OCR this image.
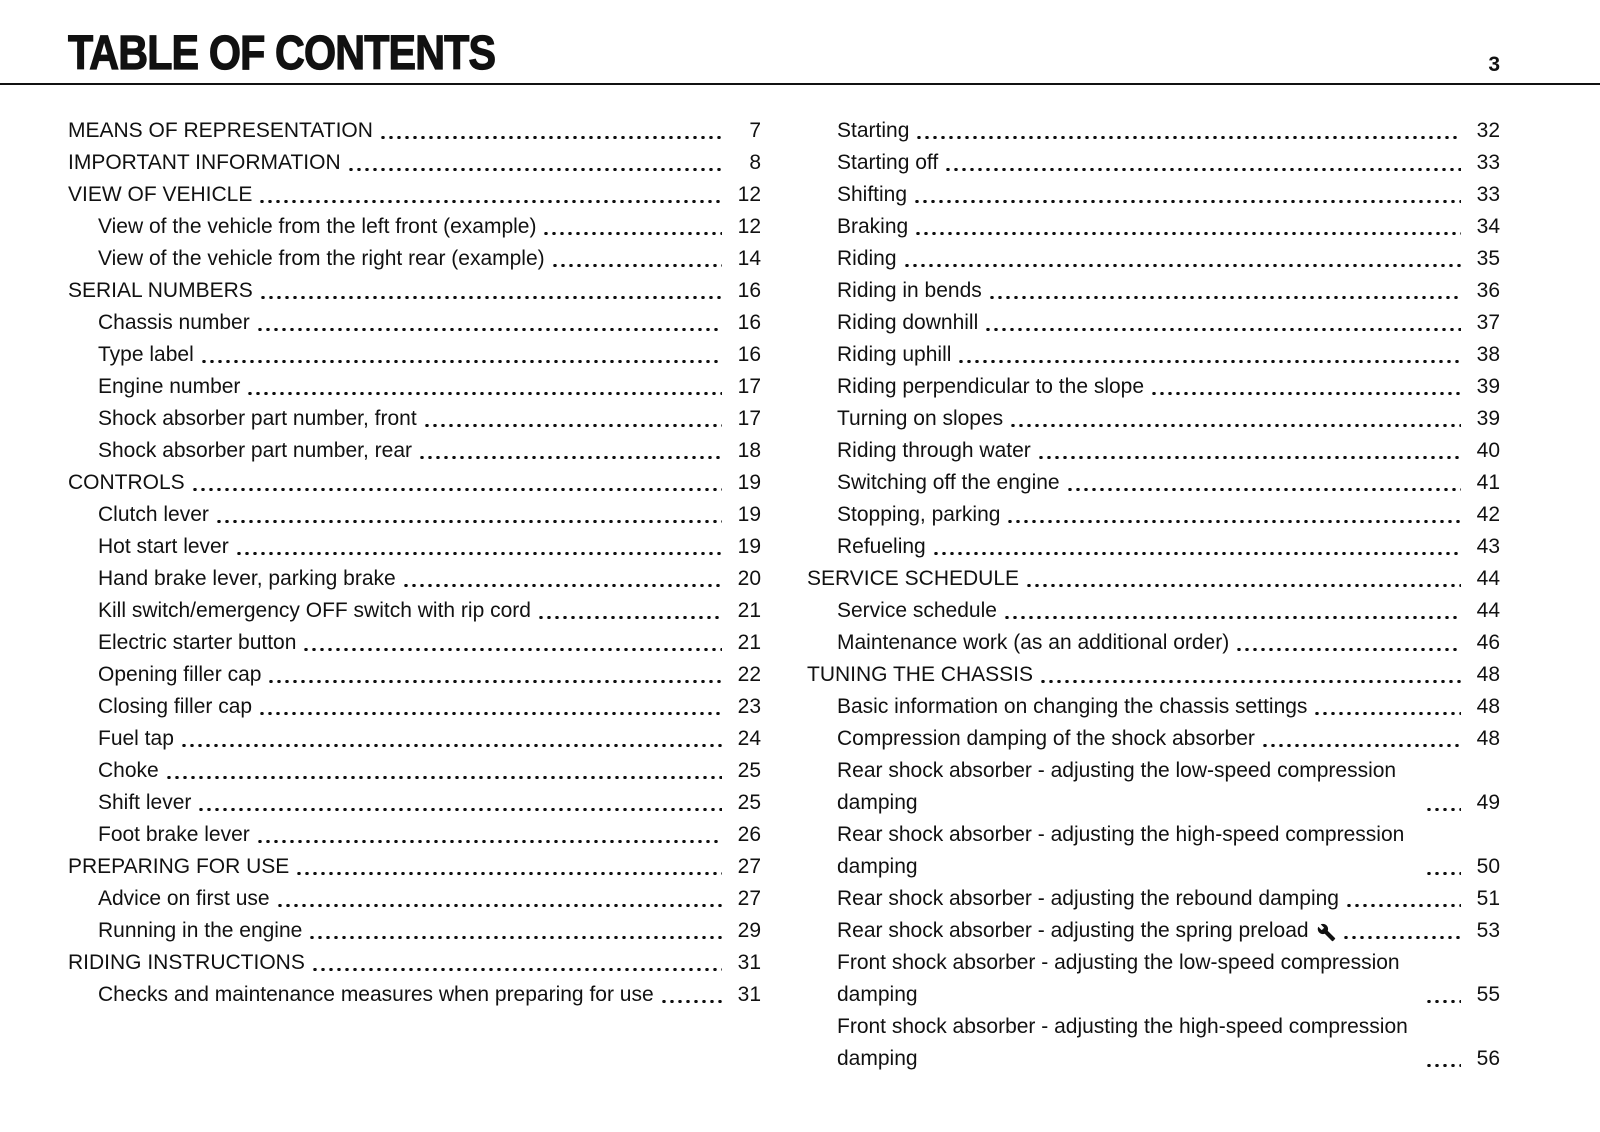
TABLE OF CONTENTS	3
MEANS OF REPRESENTATION	7
IMPORTANT INFORMATION	8
VIEW OF VEHICLE	12
View of the vehicle from the left front (example)	12
View of the vehicle from the right rear (example)	14
SERIAL NUMBERS	16
Chassis number	16
Type label	16
Engine number	17
Shock absorber part number, front	17
Shock absorber part number, rear	18
CONTROLS	19
Clutch lever	19
Hot start lever	19
Hand brake lever, parking brake	20
Kill switch/emergency OFF switch with rip cord	21
Electric starter button	21
Opening filler cap	22
Closing filler cap	23
Fuel tap	24
Choke	25
Shift lever	25
Foot brake lever	26
PREPARING FOR USE	27
Advice on first use	27
Running in the engine	29
RIDING INSTRUCTIONS	31
Checks and maintenance measures when preparing for use	31
Starting	32
Starting off	33
Shifting	33
Braking	34
Riding	35
Riding in bends	36
Riding downhill	37
Riding uphill	38
Riding perpendicular to the slope	39
Turning on slopes	39
Riding through water	40
Switching off the engine	41
Stopping, parking	42
Refueling	43
SERVICE SCHEDULE	44
Service schedule	44
Maintenance work (as an additional order)	46
TUNING THE CHASSIS	48
Basic information on changing the chassis settings	48
Compression damping of the shock absorber	48
Rear shock absorber - adjusting the low-speed compression damping	49
Rear shock absorber - adjusting the high-speed compression damping	50
Rear shock absorber - adjusting the rebound damping	51
Rear shock absorber - adjusting the spring preload	53
Front shock absorber - adjusting the low-speed compression damping	55
Front shock absorber - adjusting the high-speed compression damping	56
